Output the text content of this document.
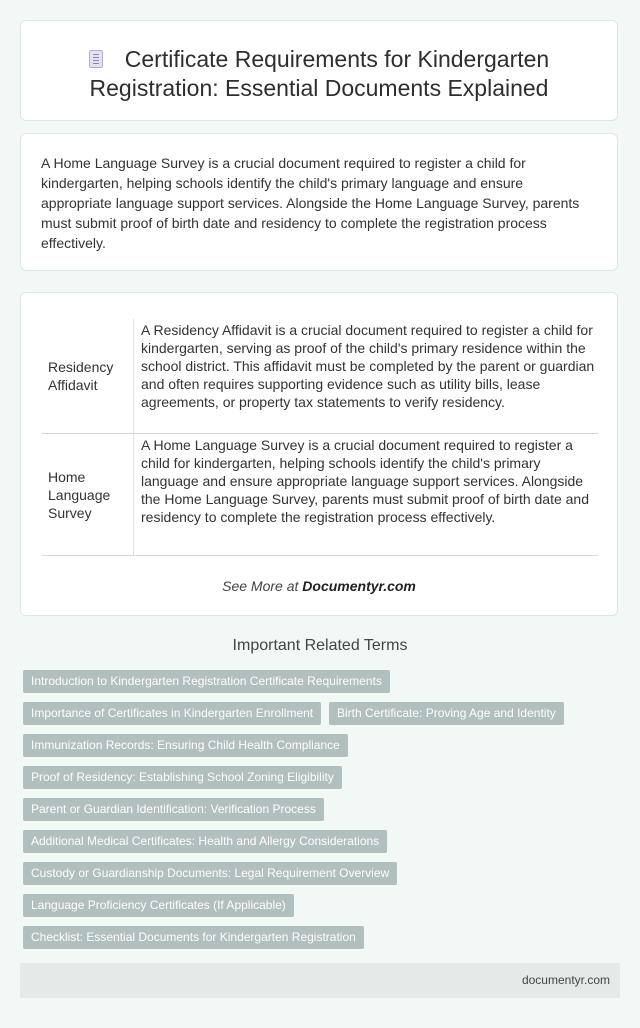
Certificate Requirements for Kindergarten
Registration: Essential Documents Explained
A Home Language Survey is a crucial document required to register a child for kindergarten, helping schools identify the child's primary language and ensure appropriate language support services. Alongside the Home Language Survey, parents must submit proof of birth date and residency to complete the registration process effectively.
Residency Affidavit
A Residency Affidavit is a crucial document required to register a child for kindergarten, serving as proof of the child's primary residence within the school district. This affidavit must be completed by the parent or guardian and often requires supporting evidence such as utility bills, lease agreements, or property tax statements to verify residency.
Home Language Survey
A Home Language Survey is a crucial document required to register a child for kindergarten, helping schools identify the child's primary language and ensure appropriate language support services. Alongside the Home Language Survey, parents must submit proof of birth date and residency to complete the registration process effectively.
See More at Documentyr.com
Important Related Terms
Introduction to Kindergarten Registration Certificate Requirements
Importance of Certificates in Kindergarten Enrollment	Birth Certificate: Proving Age and Identity
Immunization Records: Ensuring Child Health Compliance
Proof of Residency: Establishing School Zoning Eligibility
Parent or Guardian Identification: Verification Process
Additional Medical Certificates: Health and Allergy Considerations
Custody or Guardianship Documents: Legal Requirement Overview
Language Proficiency Certificates (If Applicable)
Checklist: Essential Documents for Kindergarten Registration
documentyr.com
